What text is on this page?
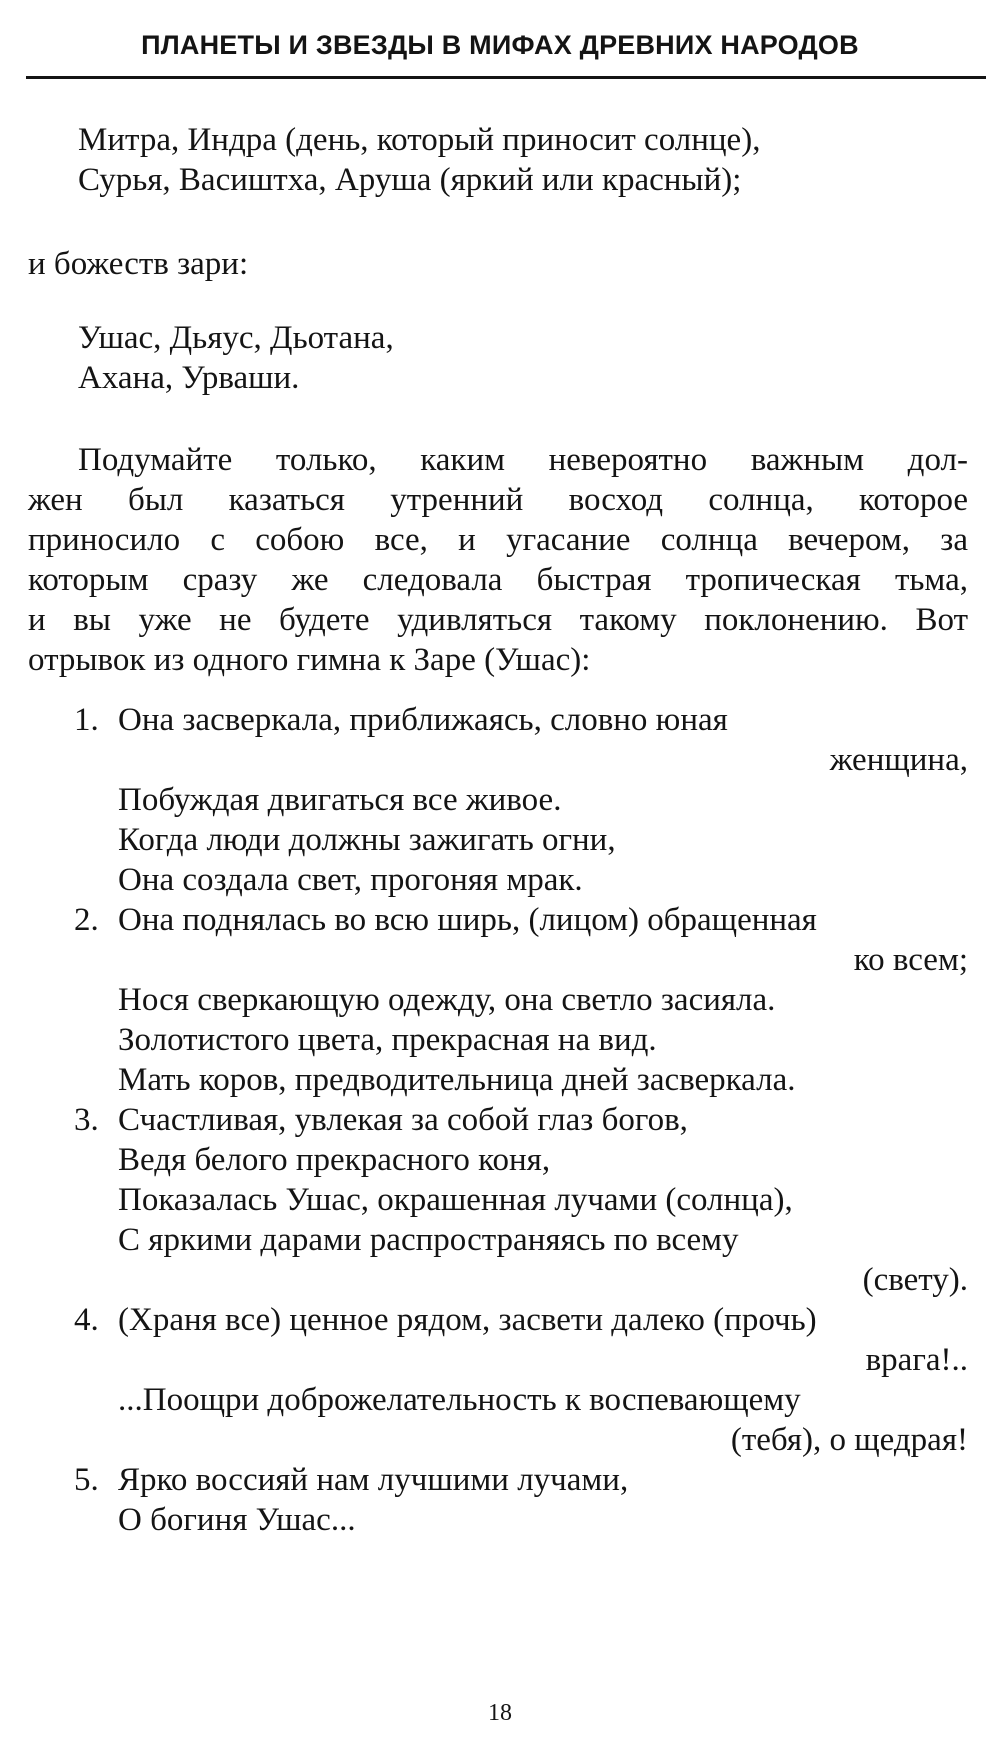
ПЛАНЕТЫ И ЗВЕЗДЫ В МИФАХ ДРЕВНИХ НАРОДОВ
Митра, Индра (день, который приносит солнце),
Сурья, Васиштха, Аруша (яркий или красный);
и божеств зари:
Ушас, Дьяус, Дьотана,
Ахана, Урваши.
Подумайте только, каким невероятно важным дол-
жен был казаться утренний восход солнца, которое
приносило с собою все, и угасание солнца вечером, за
которым сразу же следовала быстрая тропическая тьма,
и вы уже не будете удивляться такому поклонению. Вот
отрывок из одного гимна к Заре (Ушас):
1. Она засверкала, приближаясь, словно юная
женщина,
Побуждая двигаться все живое.
Когда люди должны зажигать огни,
Она создала свет, прогоняя мрак.
2. Она поднялась во всю ширь, (лицом) обращенная
ко всем;
Нося сверкающую одежду, она светло засияла.
Золотистого цвета, прекрасная на вид.
Мать коров, предводительница дней засверкала.
3. Счастливая, увлекая за собой глаз богов,
Ведя белого прекрасного коня,
Показалась Ушас, окрашенная лучами (солнца),
С яркими дарами распространяясь по всему
(свету).
4. (Храня все) ценное рядом, засвети далеко (прочь)
врага!..
...Поощри доброжелательность к воспевающему
(тебя), о щедрая!
5. Ярко воссияй нам лучшими лучами,
О богиня Ушас...
18
